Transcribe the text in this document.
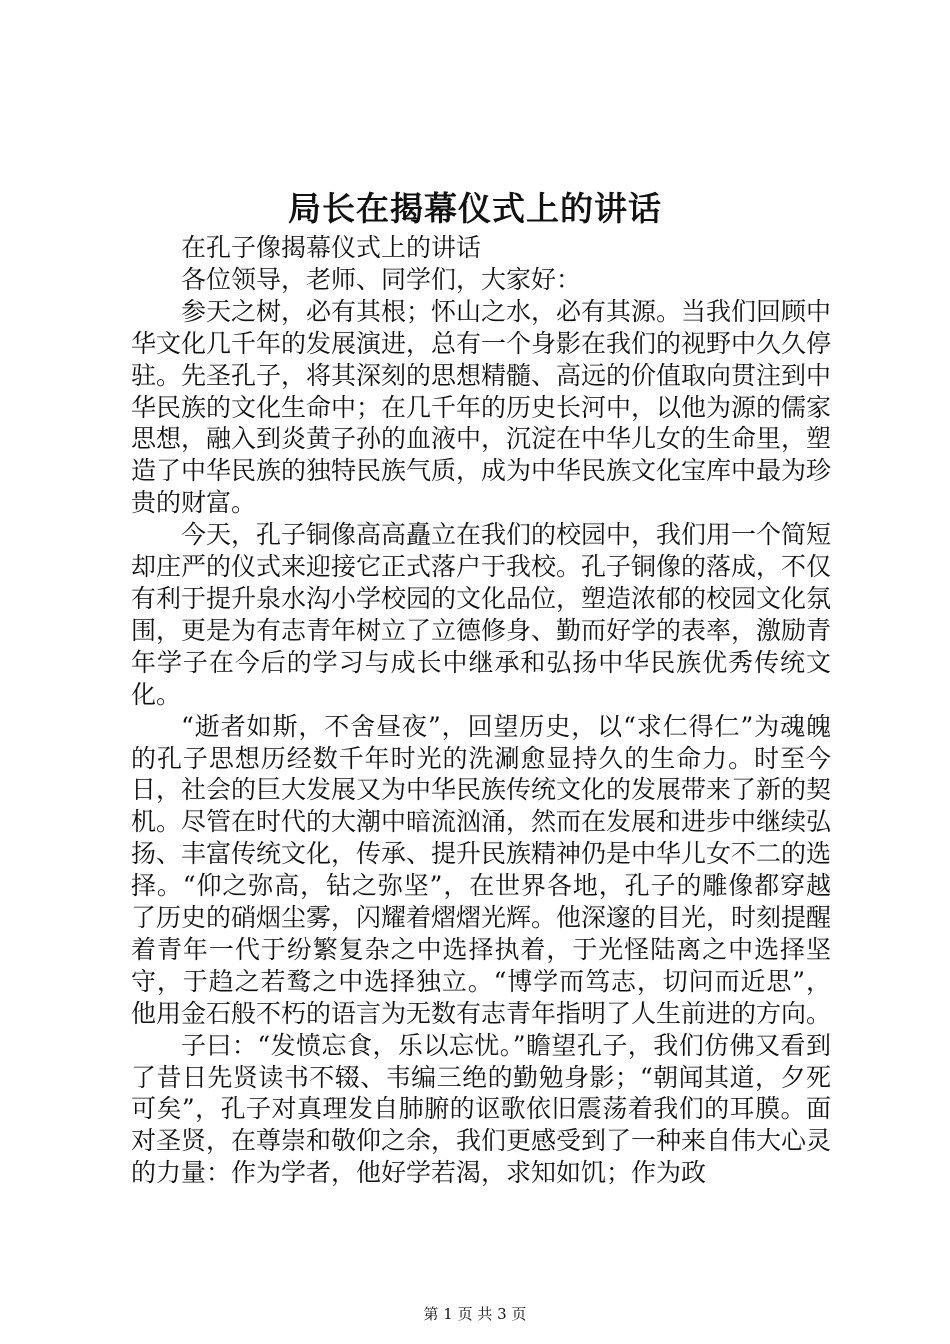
局长在揭幕仪式上的讲话

在孔子像揭幕仪式上的讲话

各位领导，老师、同学们，大家好：

参天之树，必有其根；怀山之水，必有其源。当我们回顾中华文化几千年的发展演进，总有一个身影在我们的视野中久久停驻。先圣孔子，将其深刻的思想精髓、高远的价值取向贯注到中华民族的文化生命中；在几千年的历史长河中，以他为源的儒家思想，融入到炎黄子孙的血液中，沉淀在中华儿女的生命里，塑造了中华民族的独特民族气质，成为中华民族文化宝库中最为珍贵的财富。

今天，孔子铜像高高矗立在我们的校园中，我们用一个简短却庄严的仪式来迎接它正式落户于我校。孔子铜像的落成，不仅有利于提升泉水沟小学校园的文化品位，塑造浓郁的校园文化氛围，更是为有志青年树立了立德修身、勤而好学的表率，激励青年学子在今后的学习与成长中继承和弘扬中华民族优秀传统文化。

“逝者如斯，不舍昼夜”，回望历史，以“求仁得仁”为魂魄的孔子思想历经数千年时光的洗涮愈显持久的生命力。时至今日，社会的巨大发展又为中华民族传统文化的发展带来了新的契机。尽管在时代的大潮中暗流汹涌，然而在发展和进步中继续弘扬、丰富传统文化，传承、提升民族精神仍是中华儿女不二的选择。“仰之弥高，钻之弥坚”，在世界各地，孔子的雕像都穿越了历史的硝烟尘雾，闪耀着熠熠光辉。他深邃的目光，时刻提醒着青年一代于纷繁复杂之中选择执着，于光怪陆离之中选择坚守，于趋之若鹜之中选择独立。“博学而笃志，切问而近思”，他用金石般不朽的语言为无数有志青年指明了人生前进的方向。

子曰：“发愤忘食，乐以忘忧。”瞻望孔子，我们仿佛又看到了昔日先贤读书不辍、韦编三绝的勤勉身影；“朝闻其道，夕死可矣”，孔子对真理发自肺腑的讴歌依旧震荡着我们的耳膜。面对圣贤，在尊崇和敬仰之余，我们更感受到了一种来自伟大心灵的力量：作为学者，他好学若渴，求知如饥；作为政

第 1 页 共 3 页
